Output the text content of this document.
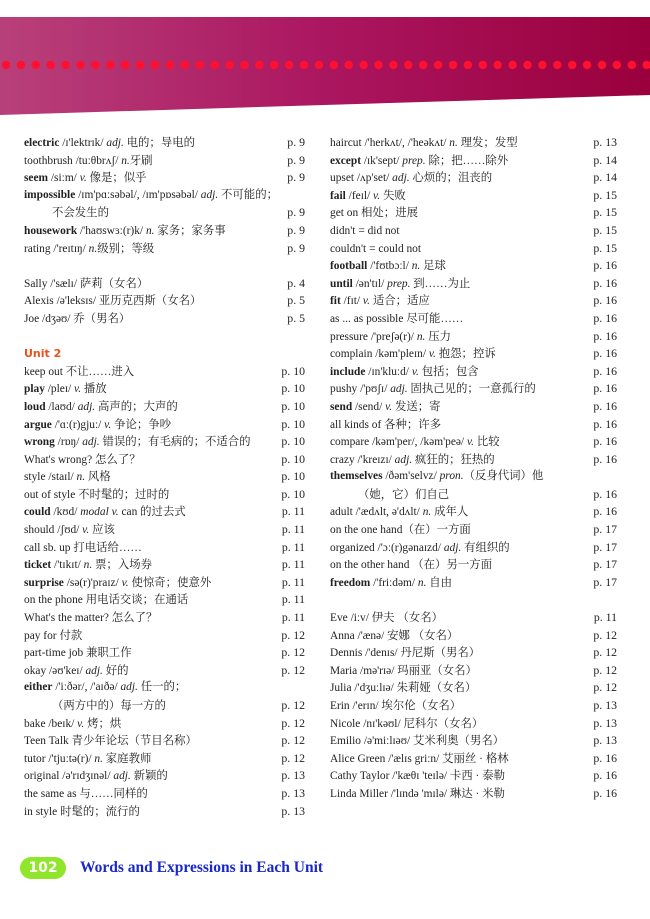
electric /ɪ'lektrɪk/ adj. 电的；导电的	p. 9
toothbrush /tuːθbrʌʃ/ n.牙刷	p. 9
seem /siːm/ v. 像是；似乎	p. 9
impossible /ɪm'pɑːsəbəl/, /ɪm'pɒsəbəl/ adj. 不可能的；
不会发生的	p. 9
housework /'haʊswɜː(r)k/ n. 家务；家务事	p. 9
rating /'reɪtɪŋ/ n.级别；等级	p. 9
Sally /'sælɪ/ 萨莉（女名）	p. 4
Alexis /ə'leksɪs/ 亚历克西斯（女名）	p. 5
Joe /dʒəʊ/ 乔（男名）	p. 5
Unit 2
keep out 不让……进入	p. 10
play /pleɪ/ v. 播放	p. 10
loud /laʊd/ adj. 高声的；大声的	p. 10
argue /'ɑː(r)gjuː/ v. 争论；争吵	p. 10
wrong /rɒŋ/ adj. 错误的；有毛病的；不适合的	p. 10
What's wrong? 怎么了？	p. 10
style /staɪl/ n. 风格	p. 10
out of style 不时髦的；过时的	p. 10
could /kʊd/ modal v. can 的过去式	p. 11
should /ʃʊd/ v. 应该	p. 11
call sb. up 打电话给……	p. 11
ticket /'tɪkɪt/ n. 票；入场券	p. 11
surprise /sə(r)'praɪz/ v. 使惊奇；使意外	p. 11
on the phone 用电话交谈；在通话	p. 11
What's the matter? 怎么了？	p. 11
pay for 付款	p. 12
part-time job 兼职工作	p. 12
okay /əʊ'keɪ/ adj. 好的	p. 12
either /'iːðər/, /'aɪðə/ adj. 任一的；
（两方中的）每一方的	p. 12
bake /beɪk/ v. 烤；烘	p. 12
Teen Talk 青少年论坛（节目名称）	p. 12
tutor /'tjuːtə(r)/ n. 家庭教师	p. 12
original /ə'rɪdʒɪnəl/ adj. 新颖的	p. 13
the same as 与……同样的	p. 13
in style 时髦的；流行的	p. 13
haircut /'herkʌt/, /'heəkʌt/ n. 理发；发型	p. 13
except /ɪk'sept/ prep. 除；把……除外	p. 14
upset /ʌp'set/ adj. 心烦的；沮丧的	p. 14
fail /feɪl/ v. 失败	p. 15
get on 相处；进展	p. 15
didn't = did not	p. 15
couldn't = could not	p. 15
football /'fʊtbɔːl/ n. 足球	p. 16
until /ən'tɪl/ prep. 到……为止	p. 16
fit /fɪt/ v. 适合；适应	p. 16
as ... as possible 尽可能……	p. 16
pressure /'preʃə(r)/ n. 压力	p. 16
complain /kəm'pleɪn/ v. 抱怨；控诉	p. 16
include /ɪn'kluːd/ v. 包括；包含	p. 16
pushy /'pʊʃɪ/ adj. 固执己见的；一意孤行的	p. 16
send /send/ v. 发送；寄	p. 16
all kinds of 各种；许多	p. 16
compare /kəm'per/, /kəm'peə/ v. 比较	p. 16
crazy /'kreɪzɪ/ adj. 疯狂的；狂热的	p. 16
themselves /ðəm'selvz/ pron.（反身代词）他
（她，它）们自己	p. 16
adult /'ædʌlt, ə'dʌlt/ n. 成年人	p. 16
on the one hand（在）一方面	p. 17
organized /'ɔː(r)gənaɪzd/ adj. 有组织的	p. 17
on the other hand （在）另一方面	p. 17
freedom /'friːdəm/ n. 自由	p. 17
Eve /iːv/ 伊夫 （女名）	p. 11
Anna /'ænə/ 安娜 （女名）	p. 12
Dennis /'denɪs/ 丹尼斯（男名）	p. 12
Maria /mə'rɪə/ 玛丽亚（女名）	p. 12
Julia /'dʒuːlɪə/ 朱莉娅（女名）	p. 12
Erin /'erɪn/ 埃尔伦（女名）	p. 13
Nicole /nɪ'kəʊl/ 尼科尔（女名）	p. 13
Emilio /ə'miːlɪəʊ/ 艾米利奥（男名）	p. 13
Alice Green /'ælɪs griːn/ 艾丽丝 · 格林	p. 16
Cathy Taylor /'kæθɪ 'teɪlə/ 卡西 · 泰勒	p. 16
Linda Miller /'lɪndə 'mɪlə/ 琳达 · 米勒	p. 16
102	Words and Expressions in Each Unit
